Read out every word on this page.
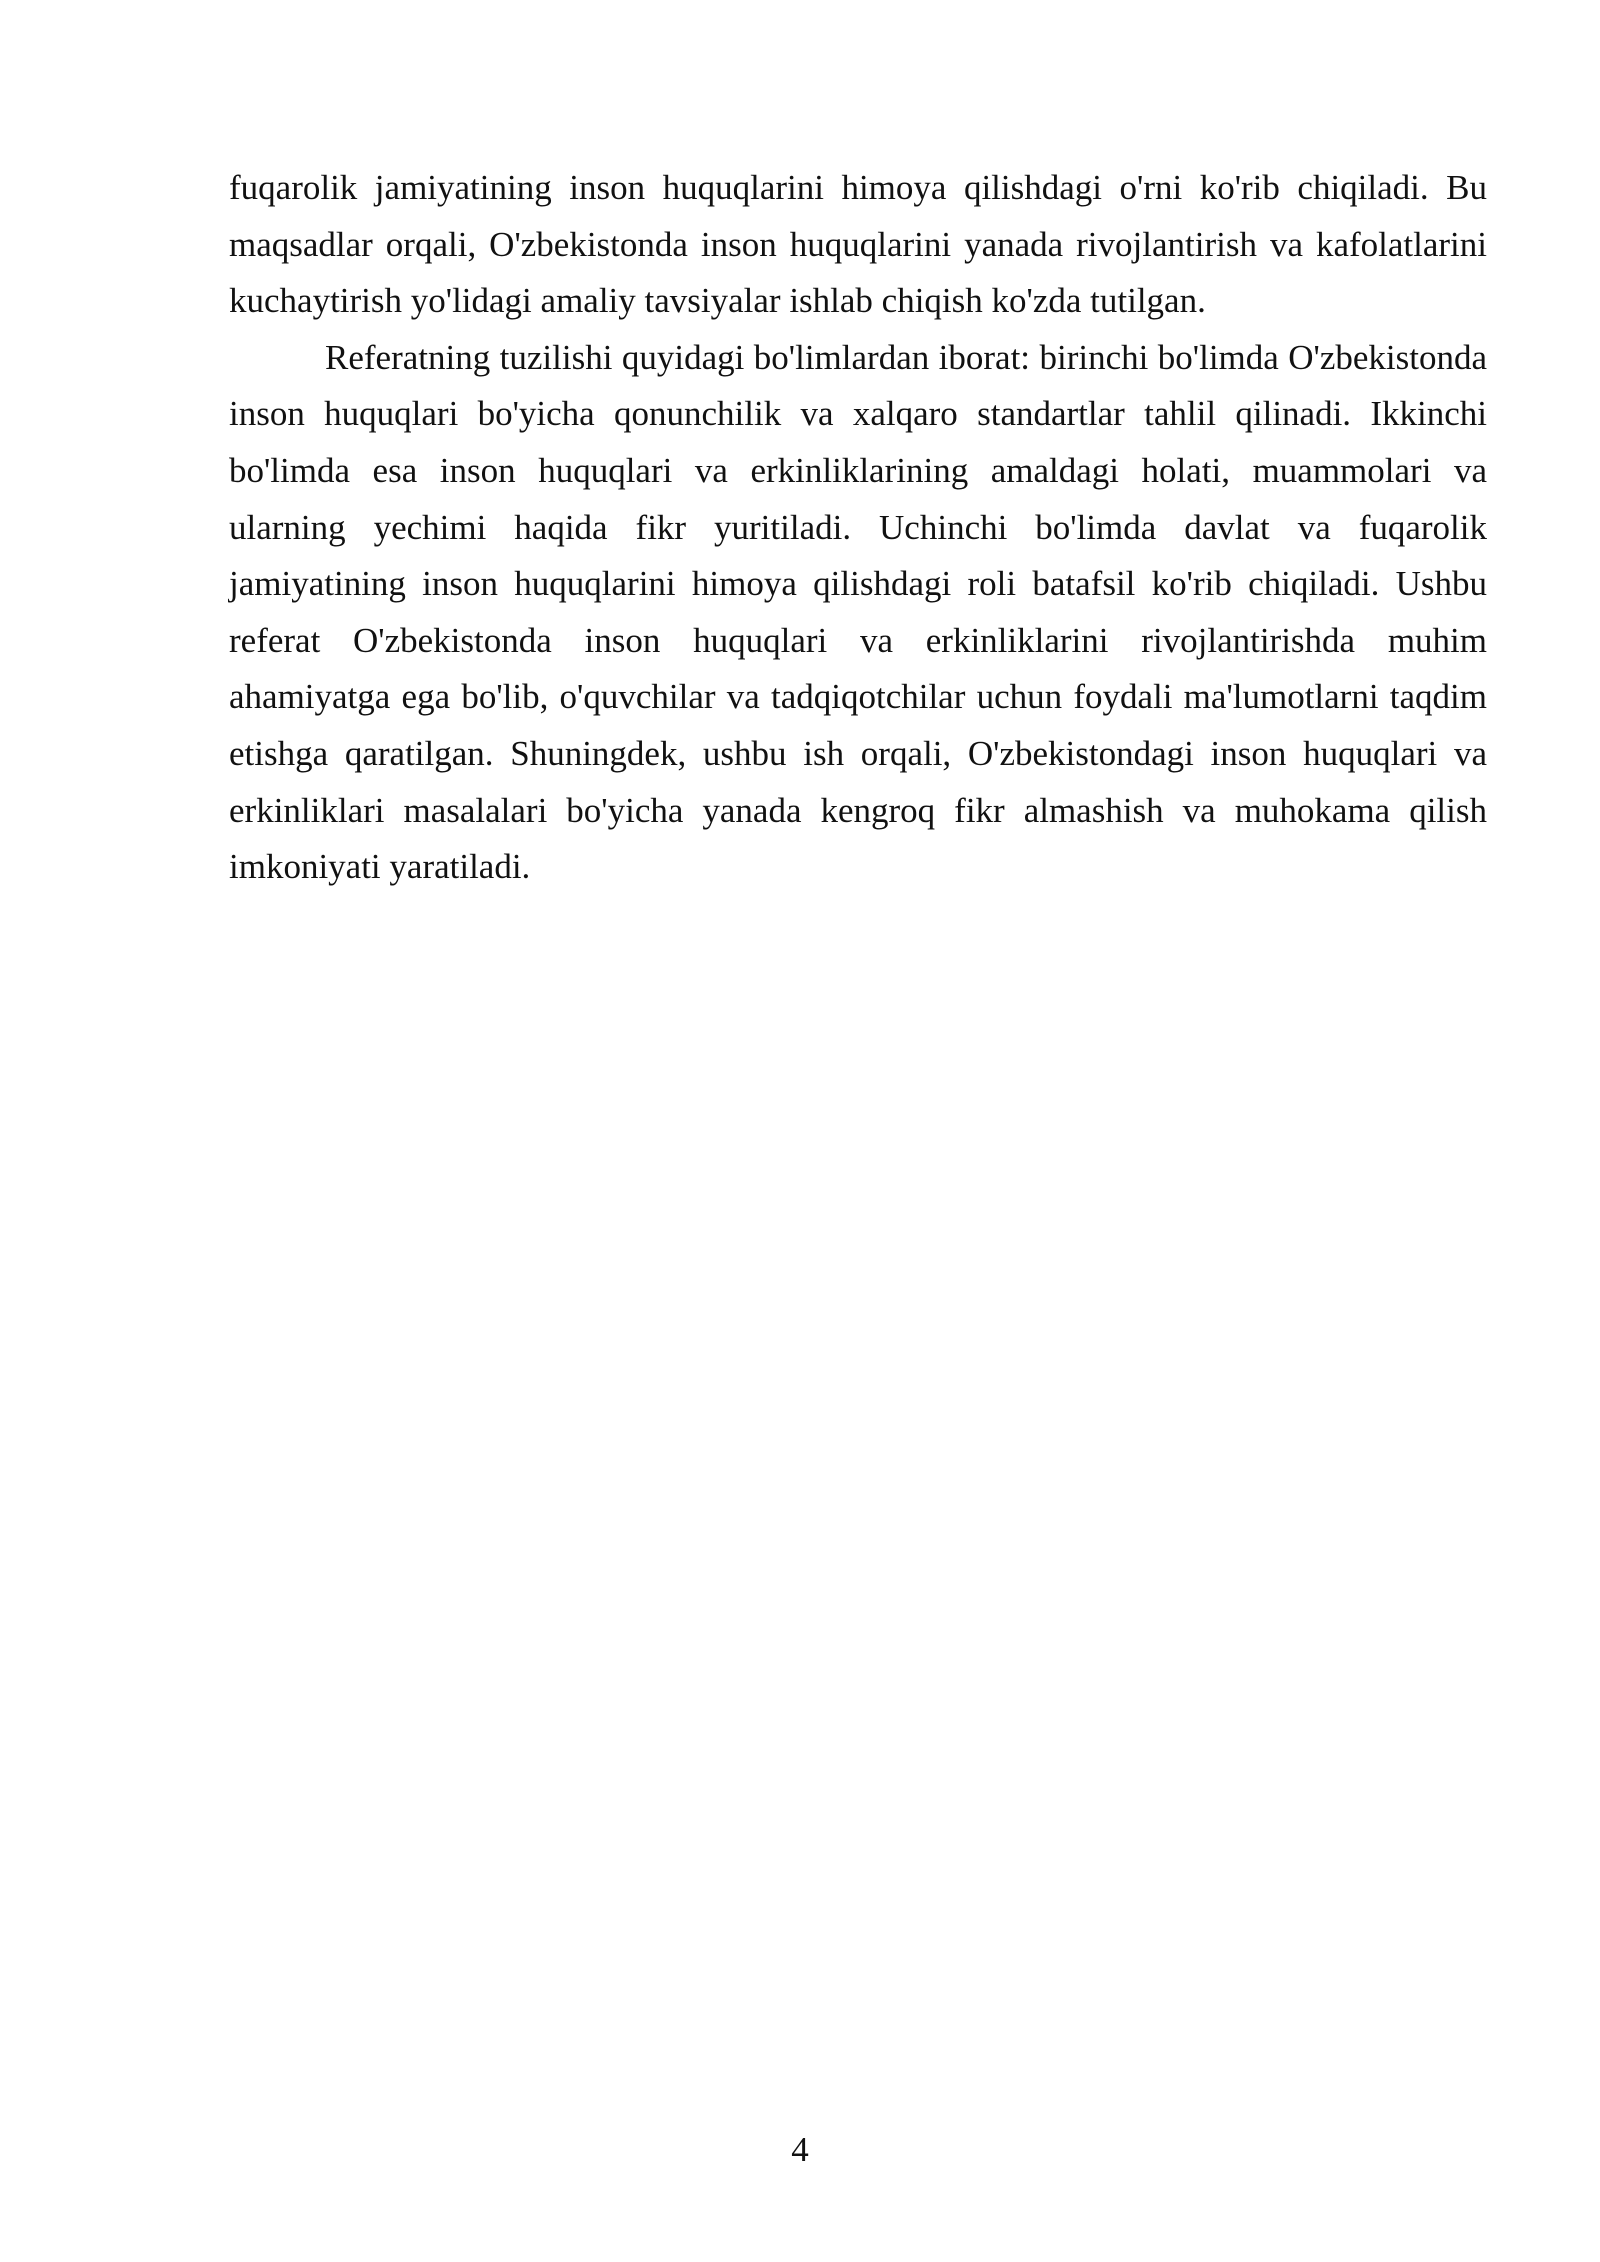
fuqarolik jamiyatining inson huquqlarini himoya qilishdagi o'rni ko'rib chiqiladi. Bu maqsadlar orqali, O'zbekistonda inson huquqlarini yanada rivojlantirish va kafolatlarini kuchaytirish yo'lidagi amaliy tavsiyalar ishlab chiqish ko'zda tutilgan.

Referatning tuzilishi quyidagi bo'limlardan iborat: birinchi bo'limda O'zbekistonda inson huquqlari bo'yicha qonunchilik va xalqaro standartlar tahlil qilinadi. Ikkinchi bo'limda esa inson huquqlari va erkinliklarining amaldagi holati, muammolari va ularning yechimi haqida fikr yuritiladi. Uchinchi bo'limda davlat va fuqarolik jamiyatining inson huquqlarini himoya qilishdagi roli batafsil ko'rib chiqiladi. Ushbu referat O'zbekistonda inson huquqlari va erkinliklarini rivojlantirishda muhim ahamiyatga ega bo'lib, o'quvchilar va tadqiqotchilar uchun foydali ma'lumotlarni taqdim etishga qaratilgan. Shuningdek, ushbu ish orqali, O'zbekistondagi inson huquqlari va erkinliklari masalalari bo'yicha yanada kengroq fikr almashish va muhokama qilish imkoniyati yaratiladi.

4
